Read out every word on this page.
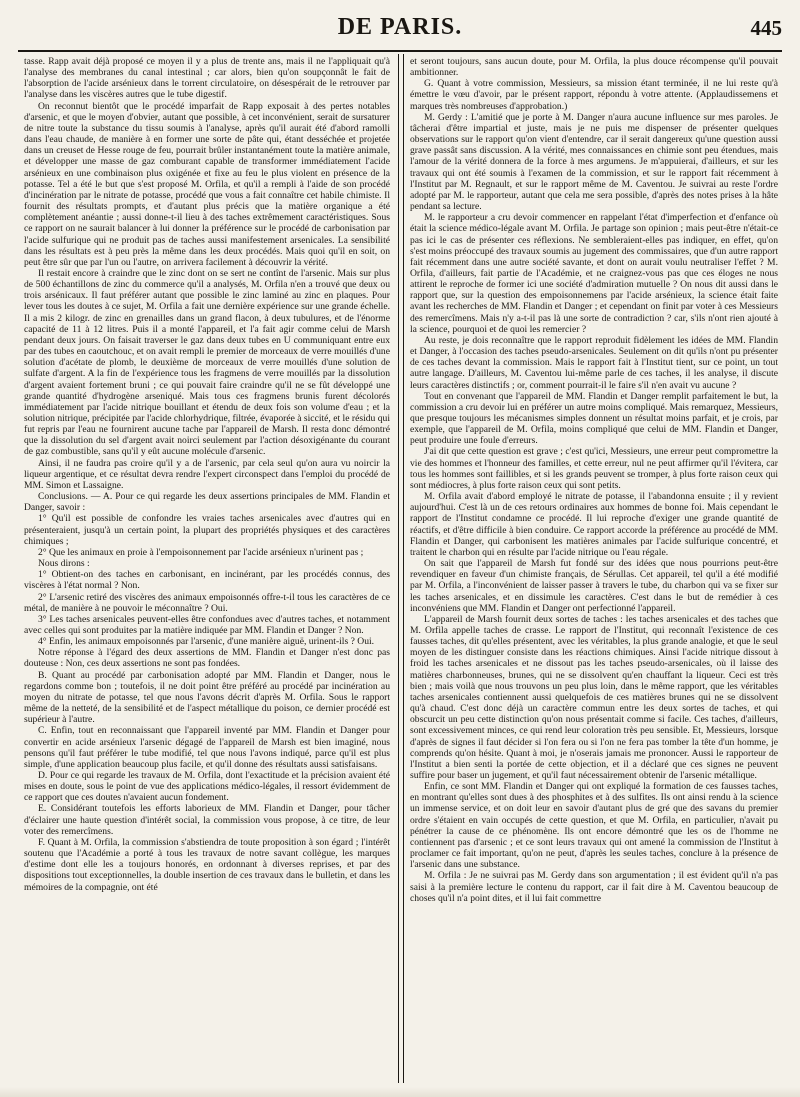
DE PARIS.	445

tasse. Rapp avait déjà proposé ce moyen il y a plus de trente ans, mais il ne l'appliquait qu'à l'analyse des membranes du canal intestinal ; car alors, bien qu'on soupçonnât le fait de l'absorption de l'acide arsénieux dans le torrent circulatoire, on désespérait de le retrouver par l'analyse dans les viscères autres que le tube digestif.

On reconnut bientôt que le procédé imparfait de Rapp exposait à des pertes notables d'arsenic, et que le moyen d'obvier, autant que possible, à cet inconvénient, serait de sursaturer de nitre toute la substance du tissu soumis à l'analyse, après qu'il aurait été d'abord ramolli dans l'eau chaude, de manière à en former une sorte de pâte qui, étant desséchée et projetée dans un creuset de Hesse rouge de feu, pourrait brûler instantanément toute la matière animale, et développer une masse de gaz comburant capable de transformer immédiatement l'acide arsénieux en une combinaison plus oxigénée et fixe au feu le plus violent en présence de la potasse. Tel a été le but que s'est proposé M. Orfila, et qu'il a rempli à l'aide de son procédé d'incinération par le nitrate de potasse, procédé que vous a fait connaître cet habile chimiste. Il fournit des résultats prompts, et d'autant plus précis que la matière organique a été complètement anéantie ; aussi donne-t-il lieu à des taches extrêmement caractéristiques. Sous ce rapport on ne saurait balancer à lui donner la préférence sur le procédé de carbonisation par l'acide sulfurique qui ne produit pas de taches aussi manifestement arsenicales. La sensibilité dans les résultats est à peu près la même dans les deux procédés. Mais quoi qu'il en soit, on peut être sûr que par l'un ou l'autre, on arrivera facilement à découvrir la vérité.

Il restait encore à craindre que le zinc dont on se sert ne contînt de l'arsenic. Mais sur plus de 500 échantillons de zinc du commerce qu'il a analysés, M. Orfila n'en a trouvé que deux ou trois arsénicaux. Il faut préférer autant que possible le zinc laminé au zinc en plaques. Pour lever tous les doutes à ce sujet, M. Orfila a fait une dernière expérience sur une grande échelle. Il a mis 2 kilogr. de zinc en grenailles dans un grand flacon, à deux tubulures, et de l'énorme capacité de 11 à 12 litres. Puis il a monté l'appareil, et l'a fait agir comme celui de Marsh pendant deux jours. On faisait traverser le gaz dans deux tubes en U communiquant entre eux par des tubes en caoutchouc, et on avait rempli le premier de morceaux de verre mouillés d'une solution d'acétate de plomb, le deuxième de morceaux de verre mouillés d'une solution de sulfate d'argent. A la fin de l'expérience tous les fragmens de verre mouillés par la dissolution d'argent avaient fortement bruni ; ce qui pouvait faire craindre qu'il ne se fût développé une grande quantité d'hydrogène arseniqué. Mais tous ces fragmens brunis furent décolorés immédiatement par l'acide nitrique bouillant et étendu de deux fois son volume d'eau ; et la solution nitrique, précipitée par l'acide chlorhydrique, filtrée, évaporée à siccité, et le résidu qui fut repris par l'eau ne fournirent aucune tache par l'appareil de Marsh. Il resta donc démontré que la dissolution du sel d'argent avait noirci seulement par l'action désoxigénante du courant de gaz combustible, sans qu'il y eût aucune molécule d'arsenic.

Ainsi, il ne faudra pas croire qu'il y a de l'arsenic, par cela seul qu'on aura vu noircir la liqueur argentique, et ce résultat devra rendre l'expert circonspect dans l'emploi du procédé de MM. Simon et Lassaigne.

Conclusions. — A. Pour ce qui regarde les deux assertions principales de MM. Flandin et Danger, savoir :

1° Qu'il est possible de confondre les vraies taches arsenicales avec d'autres qui en présenteraient, jusqu'à un certain point, la plupart des propriétés physiques et des caractères chimiques ;

2° Que les animaux en proie à l'empoisonnement par l'acide arsénieux n'urinent pas ;

Nous dirons :

1° Obtient-on des taches en carbonisant, en incinérant, par les procédés connus, des viscères à l'état normal ? Non.

2° L'arsenic retiré des viscères des animaux empoisonnés offre-t-il tous les caractères de ce métal, de manière à ne pouvoir le méconnaître ? Oui.

3° Les taches arsenicales peuvent-elles être confondues avec d'autres taches, et notamment avec celles qui sont produites par la matière indiquée par MM. Flandin et Danger ? Non.

4° Enfin, les animaux empoisonnés par l'arsenic, d'une manière aiguë, urinent-ils ? Oui.

Notre réponse à l'égard des deux assertions de MM. Flandin et Danger n'est donc pas douteuse : Non, ces deux assertions ne sont pas fondées.

B. Quant au procédé par carbonisation adopté par MM. Flandin et Danger, nous le regardons comme bon ; toutefois, il ne doit point être préféré au procédé par incinération au moyen du nitrate de potasse, tel que nous l'avons décrit d'après M. Orfila. Sous le rapport même de la netteté, de la sensibilité et de l'aspect métallique du poison, ce dernier procédé est supérieur à l'autre.

C. Enfin, tout en reconnaissant que l'appareil inventé par MM. Flandin et Danger pour convertir en acide arsénieux l'arsenic dégagé de l'appareil de Marsh est bien imaginé, nous pensons qu'il faut préférer le tube modifié, tel que nous l'avons indiqué, parce qu'il est plus simple, d'une application beaucoup plus facile, et qu'il donne des résultats aussi satisfaisans.

D. Pour ce qui regarde les travaux de M. Orfila, dont l'exactitude et la précision avaient été mises en doute, sous le point de vue des applications médico-légales, il ressort évidemment de ce rapport que ces doutes n'avaient aucun fondement.

E. Considérant toutefois les efforts laborieux de MM. Flandin et Danger, pour tâcher d'éclairer une haute question d'intérêt social, la commission vous propose, à ce titre, de leur voter des remercîmens.

F. Quant à M. Orfila, la commission s'abstiendra de toute proposition à son égard ; l'intérêt soutenu que l'Académie a porté à tous les travaux de notre savant collègue, les marques d'estime dont elle les a toujours honorés, en ordonnant à diverses reprises, et par des dispositions tout exceptionnelles, la double insertion de ces travaux dans le bulletin, et dans les mémoires de la compagnie, ont été

et seront toujours, sans aucun doute, pour M. Orfila, la plus douce récompense qu'il pouvait ambitionner.

G. Quant à votre commission, Messieurs, sa mission étant terminée, il ne lui reste qu'à émettre le vœu d'avoir, par le présent rapport, répondu à votre attente. (Applaudissemens et marques très nombreuses d'approbation.)

M. Gerdy : L'amitié que je porte à M. Danger n'aura aucune influence sur mes paroles. Je tâcherai d'être impartial et juste, mais je ne puis me dispenser de présenter quelques observations sur le rapport qu'on vient d'entendre, car il serait dangereux qu'une question aussi grave passât sans discussion. A la vérité, mes connaissances en chimie sont peu étendues, mais l'amour de la vérité donnera de la force à mes argumens. Je m'appuierai, d'ailleurs, et sur les travaux qui ont été soumis à l'examen de la commission, et sur le rapport fait récemment à l'Institut par M. Regnault, et sur le rapport même de M. Caventou. Je suivrai au reste l'ordre adopté par M. le rapporteur, autant que cela me sera possible, d'après des notes prises à la hâte pendant sa lecture.

M. le rapporteur a cru devoir commencer en rappelant l'état d'imperfection et d'enfance où était la science médico-légale avant M. Orfila. Je partage son opinion ; mais peut-être n'était-ce pas ici le cas de présenter ces réflexions. Ne sembleraient-elles pas indiquer, en effet, qu'on s'est moins préoccupé des travaux soumis au jugement des commissaires, que d'un autre rapport fait récemment dans une autre société savante, et dont on aurait voulu neutraliser l'effet ? M. Orfila, d'ailleurs, fait partie de l'Académie, et ne craignez-vous pas que ces éloges ne nous attirent le reproche de former ici une société d'admiration mutuelle ? On nous dit aussi dans le rapport que, sur la question des empoisonnemens par l'acide arsénieux, la science était faite avant les recherches de MM. Flandin et Danger ; et cependant on finit par voter à ces Messieurs des remercîmens. Mais n'y a-t-il pas là une sorte de contradiction ? car, s'ils n'ont rien ajouté à la science, pourquoi et de quoi les remercier ?

Au reste, je dois reconnaître que le rapport reproduit fidèlement les idées de MM. Flandin et Danger, à l'occasion des taches pseudo-arsenicales. Seulement on dit qu'ils n'ont pu présenter de ces taches devant la commission. Mais le rapport fait à l'Institut tient, sur ce point, un tout autre langage. D'ailleurs, M. Caventou lui-même parle de ces taches, il les analyse, il discute leurs caractères distinctifs ; or, comment pourrait-il le faire s'il n'en avait vu aucune ?

Tout en convenant que l'appareil de MM. Flandin et Danger remplit parfaitement le but, la commission a cru devoir lui en préférer un autre moins compliqué. Mais remarquez, Messieurs, que presque toujours les mécanismes simples donnent un résultat moins parfait, et je crois, par exemple, que l'appareil de M. Orfila, moins compliqué que celui de MM. Flandin et Danger, peut produire une foule d'erreurs.

J'ai dit que cette question est grave ; c'est qu'ici, Messieurs, une erreur peut compromettre la vie des hommes et l'honneur des familles, et cette erreur, nul ne peut affirmer qu'il l'évitera, car tous les hommes sont faillibles, et si les grands peuvent se tromper, à plus forte raison ceux qui sont médiocres, à plus forte raison ceux qui sont petits.

M. Orfila avait d'abord employé le nitrate de potasse, il l'abandonna ensuite ; il y revient aujourd'hui. C'est là un de ces retours ordinaires aux hommes de bonne foi. Mais cependant le rapport de l'Institut condamne ce procédé. Il lui reproche d'exiger une grande quantité de réactifs, et d'être difficile à bien conduire. Ce rapport accorde la préférence au procédé de MM. Flandin et Danger, qui carbonisent les matières animales par l'acide sulfurique concentré, et traitent le charbon qui en résulte par l'acide nitrique ou l'eau régale.

On sait que l'appareil de Marsh fut fondé sur des idées que nous pourrions peut-être revendiquer en faveur d'un chimiste français, de Sérullas. Cet appareil, tel qu'il a été modifié par M. Orfila, a l'inconvénient de laisser passer à travers le tube, du charbon qui va se fixer sur les taches arsenicales, et en dissimule les caractères. C'est dans le but de remédier à ces inconvéniens que MM. Flandin et Danger ont perfectionné l'appareil.

L'appareil de Marsh fournit deux sortes de taches : les taches arsenicales et des taches que M. Orfila appelle taches de crasse. Le rapport de l'Institut, qui reconnaît l'existence de ces fausses taches, dit qu'elles présentent, avec les véritables, la plus grande analogie, et que le seul moyen de les distinguer consiste dans les réactions chimiques. Ainsi l'acide nitrique dissout à froid les taches arsenicales et ne dissout pas les taches pseudo-arsenicales, où il laisse des matières charbonneuses, brunes, qui ne se dissolvent qu'en chauffant la liqueur. Ceci est très bien ; mais voilà que nous trouvons un peu plus loin, dans le même rapport, que les véritables taches arsenicales contiennent aussi quelquefois de ces matières brunes qui ne se dissolvent qu'à chaud. C'est donc déjà un caractère commun entre les deux sortes de taches, et qui obscurcit un peu cette distinction qu'on nous présentait comme si facile. Ces taches, d'ailleurs, sont excessivement minces, ce qui rend leur coloration très peu sensible. Et, Messieurs, lorsque d'après de signes il faut décider si l'on fera ou si l'on ne fera pas tomber la tête d'un homme, je comprends qu'on hésite. Quant à moi, je n'oserais jamais me prononcer. Aussi le rapporteur de l'Institut a bien senti la portée de cette objection, et il a déclaré que ces signes ne peuvent suffire pour baser un jugement, et qu'il faut nécessairement obtenir de l'arsenic métallique.

Enfin, ce sont MM. Flandin et Danger qui ont expliqué la formation de ces fausses taches, en montrant qu'elles sont dues à des phosphites et à des sulfites. Ils ont ainsi rendu à la science un immense service, et on doit leur en savoir d'autant plus de gré que des savans du premier ordre s'étaient en vain occupés de cette question, et que M. Orfila, en particulier, n'avait pu pénétrer la cause de ce phénomène. Ils ont encore démontré que les os de l'homme ne contiennent pas d'arsenic ; et ce sont leurs travaux qui ont amené la commission de l'Institut à proclamer ce fait important, qu'on ne peut, d'après les seules taches, conclure à la présence de l'arsenic dans une substance.

M. Orfila : Je ne suivrai pas M. Gerdy dans son argumentation ; il est évident qu'il n'a pas saisi à la première lecture le contenu du rapport, car il fait dire à M. Caventou beaucoup de choses qu'il n'a point dites, et il lui fait commettre
